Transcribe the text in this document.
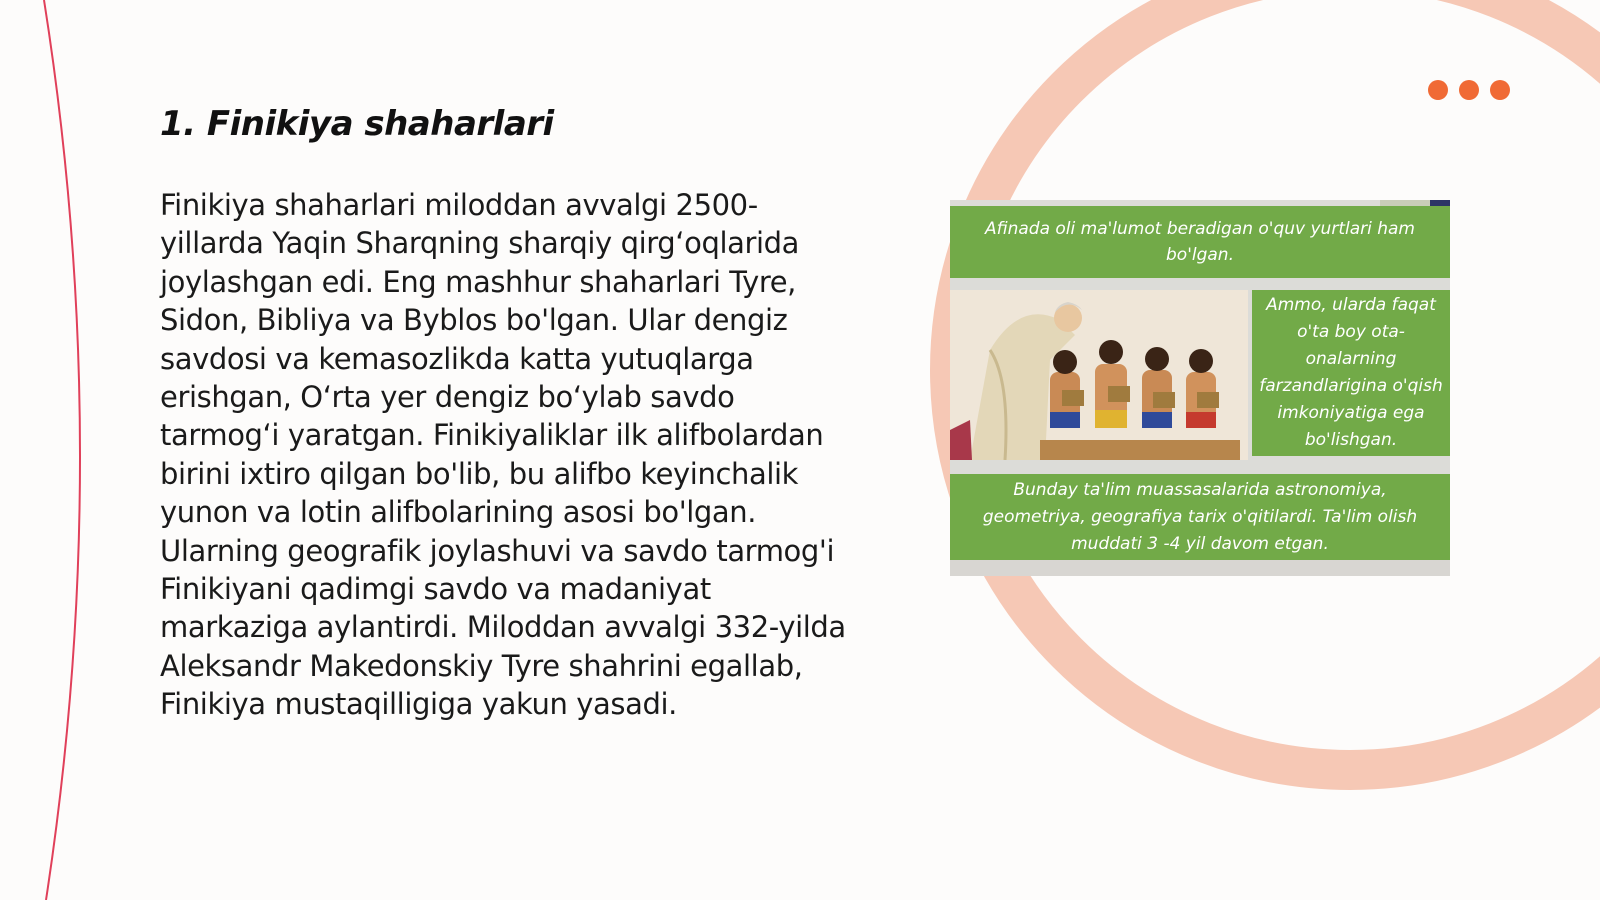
1. Finikiya shaharlari

Finikiya shaharlari miloddan avvalgi 2500-yillarda Yaqin Sharqning sharqiy qirg‘oqlarida joylashgan edi. Eng mashhur shaharlari Tyre, Sidon, Bibliya va Byblos bo'lgan. Ular dengiz savdosi va kemasozlikda katta yutuqlarga erishgan, O‘rta yer dengiz bo‘ylab savdo tarmog‘i yaratgan. Finikiyaliklar ilk alifbolardan birini ixtiro qilgan bo'lib, bu alifbo keyinchalik yunon va lotin alifbolarining asosi bo'lgan. Ularning geografik joylashuvi va savdo tarmog'i Finikiyani qadimgi savdo va madaniyat markaziga aylantirdi. Miloddan avvalgi 332-yilda Aleksandr Makedonskiy Tyre shahrini egallab, Finikiya mustaqilligiga yakun yasadi.

Afinada oli ma'lumot beradigan o'quv yurtlari ham bo'lgan.
Ammo, ularda faqat o'ta boy ota-onalarning farzandlarigina o'qish imkoniyatiga ega bo'lishgan.
Bunday ta'lim muassasalarida astronomiya, geometriya, geografiya tarix o'qitilardi. Ta'lim olish muddati 3 -4 yil davom etgan.
